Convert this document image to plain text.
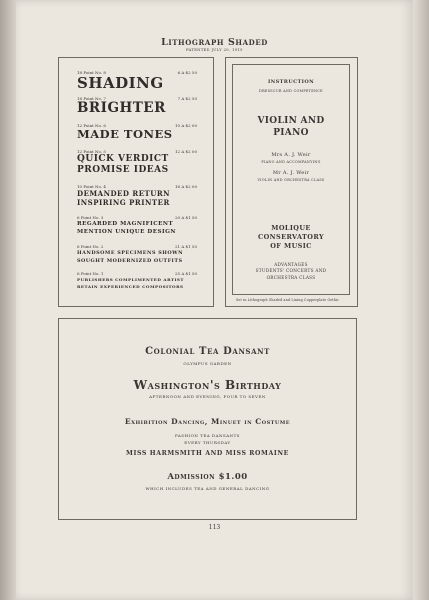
Lithograph Shaded
PATENTED JULY 20, 1915
18 Point No. 8	6 A $2 50
SHADING
18 Point No. 7	7 A $2 50
BRIGHTER
12 Point No. 6	10 A $2 00
MADE TONES
12 Point No. 5	12 A $2 00
QUICK VERDICT
PROMISE IDEAS
10 Point No. 4	16 A $2 00
DEMANDED RETURN
INSPIRING PRINTER
6 Point No. 3	20 A $1 50
REGARDED MAGNIFICENT
MENTION UNIQUE DESIGN
6 Point No. 2	21 A $1 50
HANDSOME SPECIMENS SHOWN
SOUGHT MODERNIZED OUTFITS
6 Point No. 1	25 A $1 50
PUBLISHERS COMPLIMENTED ARTIST
RETAIN EXPERIENCED COMPOSITORS
INSTRUCTION
DRESSCUR AND COMPETENCE
VIOLIN AND
PIANO
Mrs A. J. Weir
PIANO AND ACCOMPANYING
Mr A. J. Weir
VIOLIN AND ORCHESTRA CLASS
MOLIQUE
CONSERVATORY
OF MUSIC
ADVANTAGES
STUDENTS' CONCERTS AND
ORCHESTRA CLASS
Set in Lithograph Shaded and Lining Copperplate Gothic
Colonial Tea Dansant
OLYMPUS GARDEN
Washington's Birthday
AFTERNOON AND EVENING, FOUR TO SEVEN
Exhibition Dancing, Minuet in Costume
FASHION TEA DANSANTS
EVERY THURSDAY
MISS HARMSMITH AND MISS ROMAINE
Admission $1.00
WHICH INCLUDES TEA AND GENERAL DANCING
113
